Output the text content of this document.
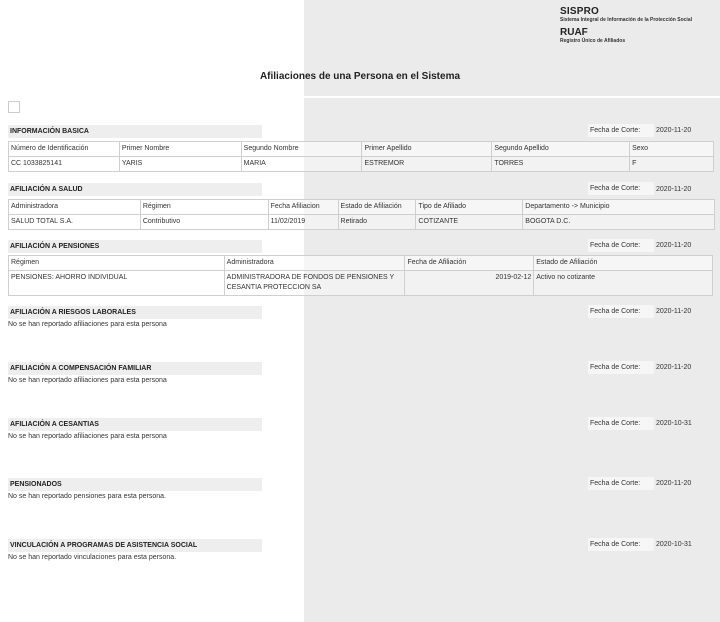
SISPRO
Sistema Integral de Información de la Protección Social
RUAF
Registro Único de Afiliados
Afiliaciones de una Persona en el Sistema
INFORMACIÓN BASICA	Fecha de Corte:	2020-11-20
Número de Identificación	Primer Nombre	Segundo Nombre	Primer Apellido	Segundo Apellido	Sexo
CC 1033825141	YARIS	MARIA	ESTREMOR	TORRES	F
AFILIACIÓN A SALUD	Fecha de Corte:	2020-11-20
Administradora	Régimen	Fecha Afiliacion	Estado de Afiliación	Tipo de Afiliado	Departamento -> Municipio
SALUD TOTAL S.A.	Contributivo	11/02/2019	Retirado	COTIZANTE	BOGOTA D.C.
AFILIACIÓN A PENSIONES	Fecha de Corte:	2020-11-20
Régimen	Administradora	Fecha de Afiliación	Estado de Afiliación
PENSIONES: AHORRO INDIVIDUAL	ADMINISTRADORA DE FONDOS DE PENSIONES Y CESANTIA PROTECCION SA	2019-02-12	Activo no cotizante
AFILIACIÓN A RIESGOS LABORALES	Fecha de Corte:	2020-11-20
No se han reportado afiliaciones para esta persona
AFILIACIÓN A COMPENSACIÓN FAMILIAR	Fecha de Corte:	2020-11-20
No se han reportado afiliaciones para esta persona
AFILIACIÓN A CESANTIAS	Fecha de Corte:	2020-10-31
No se han reportado afiliaciones para esta persona
PENSIONADOS	Fecha de Corte:	2020-11-20
No se han reportado pensiones para esta persona.
VINCULACIÓN A PROGRAMAS DE ASISTENCIA SOCIAL	Fecha de Corte:	2020-10-31
No se han reportado vinculaciones para esta persona.
